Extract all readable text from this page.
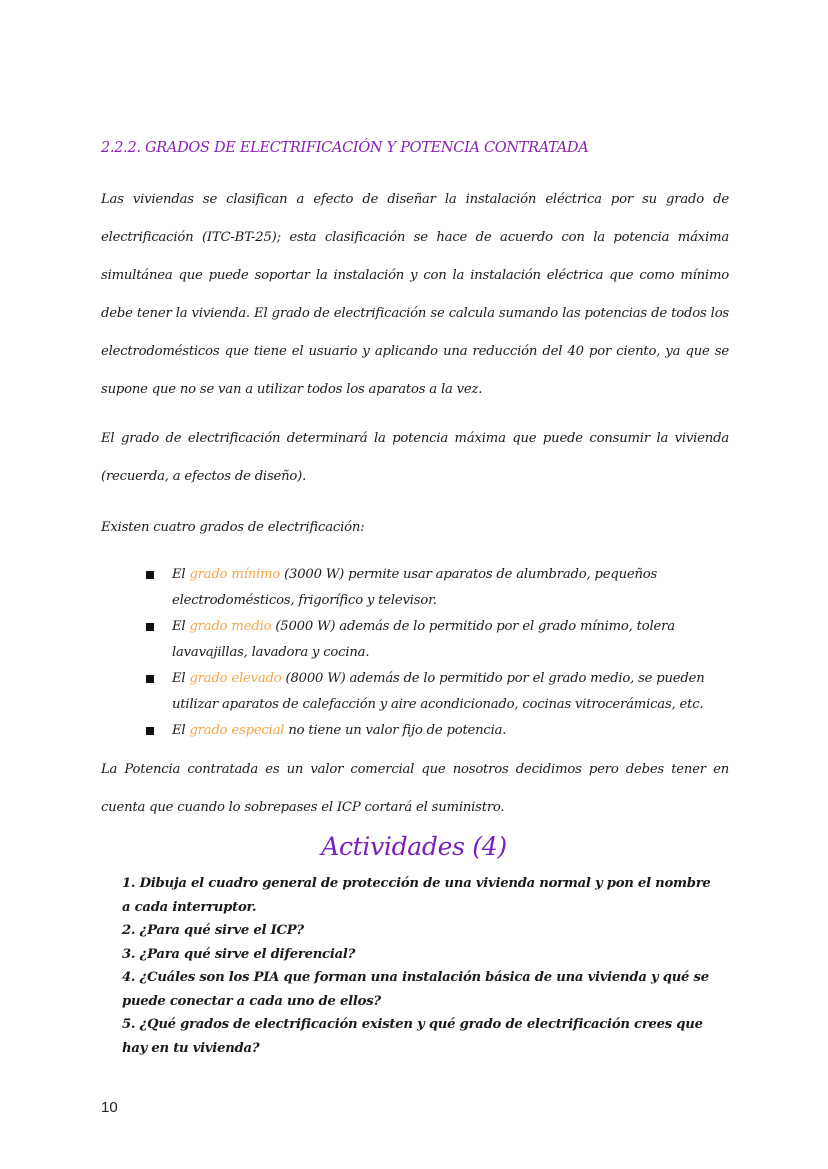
2.2.2. GRADOS DE ELECTRIFICACIÓN Y POTENCIA CONTRATADA

Las viviendas se clasifican a efecto de diseñar la instalación eléctrica por su grado de electrificación (ITC-BT-25); esta clasificación se hace de acuerdo con la potencia máxima simultánea que puede soportar la instalación y con la instalación eléctrica que como mínimo debe tener la vivienda. El grado de electrificación se calcula sumando las potencias de todos los electrodomésticos que tiene el usuario y aplicando una reducción del 40 por ciento, ya que se supone que no se van a utilizar todos los aparatos a la vez.

El grado de electrificación determinará la potencia máxima que puede consumir la vivienda (recuerda, a efectos de diseño).

Existen cuatro grados de electrificación:

El grado mínimo (3000 W) permite usar aparatos de alumbrado, pequeños electrodomésticos, frigorífico y televisor.
El grado medio (5000 W) además de lo permitido por el grado mínimo, tolera lavavajillas, lavadora y cocina.
El grado elevado (8000 W) además de lo permitido por el grado medio, se pueden utilizar aparatos de calefacción y aire acondicionado, cocinas vitrocerámicas, etc.
El grado especial no tiene un valor fijo de potencia.

La Potencia contratada es un valor comercial que nosotros decidimos pero debes tener en cuenta que cuando lo sobrepases el ICP cortará el suministro.

Actividades (4)
1. Dibuja el cuadro general de protección de una vivienda normal y pon el nombre a cada interruptor.
2. ¿Para qué sirve el ICP?
3. ¿Para qué sirve el diferencial?
4. ¿Cuáles son los PIA que forman una instalación básica de una vivienda y qué se puede conectar a cada uno de ellos?
5. ¿Qué grados de electrificación existen y qué grado de electrificación crees que hay en tu vivienda?
10
